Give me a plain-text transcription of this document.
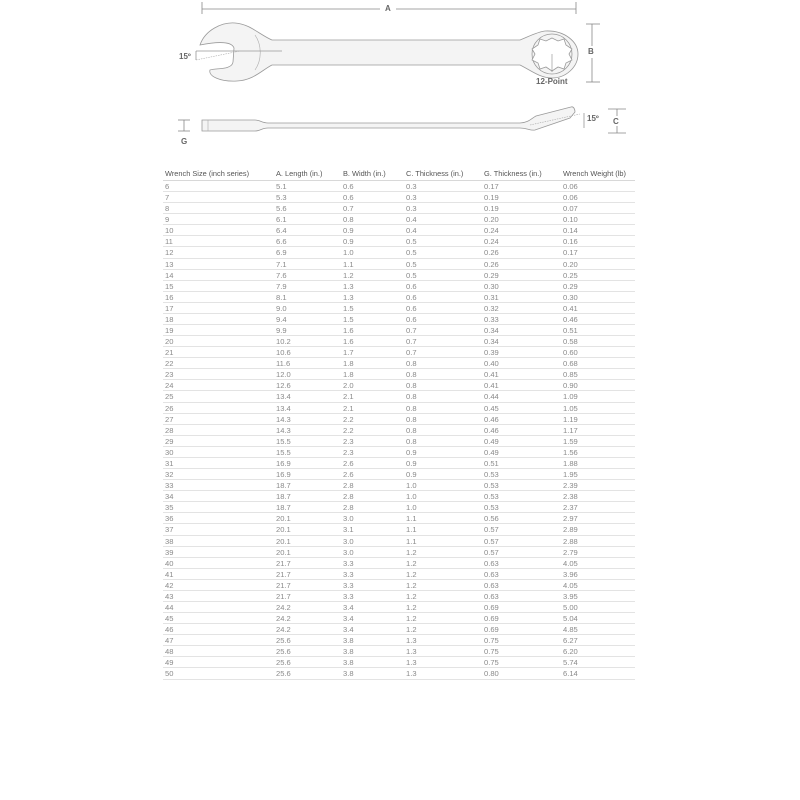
A
B
C
G
15º
15º
12-Point
Wrench Size (inch series)	A. Length (in.)	B. Width (in.)	C. Thickness (in.)	G. Thickness (in.)	Wrench Weight (lb)
6	5.1	0.6	0.3	0.17	0.06
7	5.3	0.6	0.3	0.19	0.06
8	5.6	0.7	0.3	0.19	0.07
9	6.1	0.8	0.4	0.20	0.10
10	6.4	0.9	0.4	0.24	0.14
11	6.6	0.9	0.5	0.24	0.16
12	6.9	1.0	0.5	0.26	0.17
13	7.1	1.1	0.5	0.26	0.20
14	7.6	1.2	0.5	0.29	0.25
15	7.9	1.3	0.6	0.30	0.29
16	8.1	1.3	0.6	0.31	0.30
17	9.0	1.5	0.6	0.32	0.41
18	9.4	1.5	0.6	0.33	0.46
19	9.9	1.6	0.7	0.34	0.51
20	10.2	1.6	0.7	0.34	0.58
21	10.6	1.7	0.7	0.39	0.60
22	11.6	1.8	0.8	0.40	0.68
23	12.0	1.8	0.8	0.41	0.85
24	12.6	2.0	0.8	0.41	0.90
25	13.4	2.1	0.8	0.44	1.09
26	13.4	2.1	0.8	0.45	1.05
27	14.3	2.2	0.8	0.46	1.19
28	14.3	2.2	0.8	0.46	1.17
29	15.5	2.3	0.8	0.49	1.59
30	15.5	2.3	0.9	0.49	1.56
31	16.9	2.6	0.9	0.51	1.88
32	16.9	2.6	0.9	0.53	1.95
33	18.7	2.8	1.0	0.53	2.39
34	18.7	2.8	1.0	0.53	2.38
35	18.7	2.8	1.0	0.53	2.37
36	20.1	3.0	1.1	0.56	2.97
37	20.1	3.1	1.1	0.57	2.89
38	20.1	3.0	1.1	0.57	2.88
39	20.1	3.0	1.2	0.57	2.79
40	21.7	3.3	1.2	0.63	4.05
41	21.7	3.3	1.2	0.63	3.96
42	21.7	3.3	1.2	0.63	4.05
43	21.7	3.3	1.2	0.63	3.95
44	24.2	3.4	1.2	0.69	5.00
45	24.2	3.4	1.2	0.69	5.04
46	24.2	3.4	1.2	0.69	4.85
47	25.6	3.8	1.3	0.75	6.27
48	25.6	3.8	1.3	0.75	6.20
49	25.6	3.8	1.3	0.75	5.74
50	25.6	3.8	1.3	0.80	6.14
